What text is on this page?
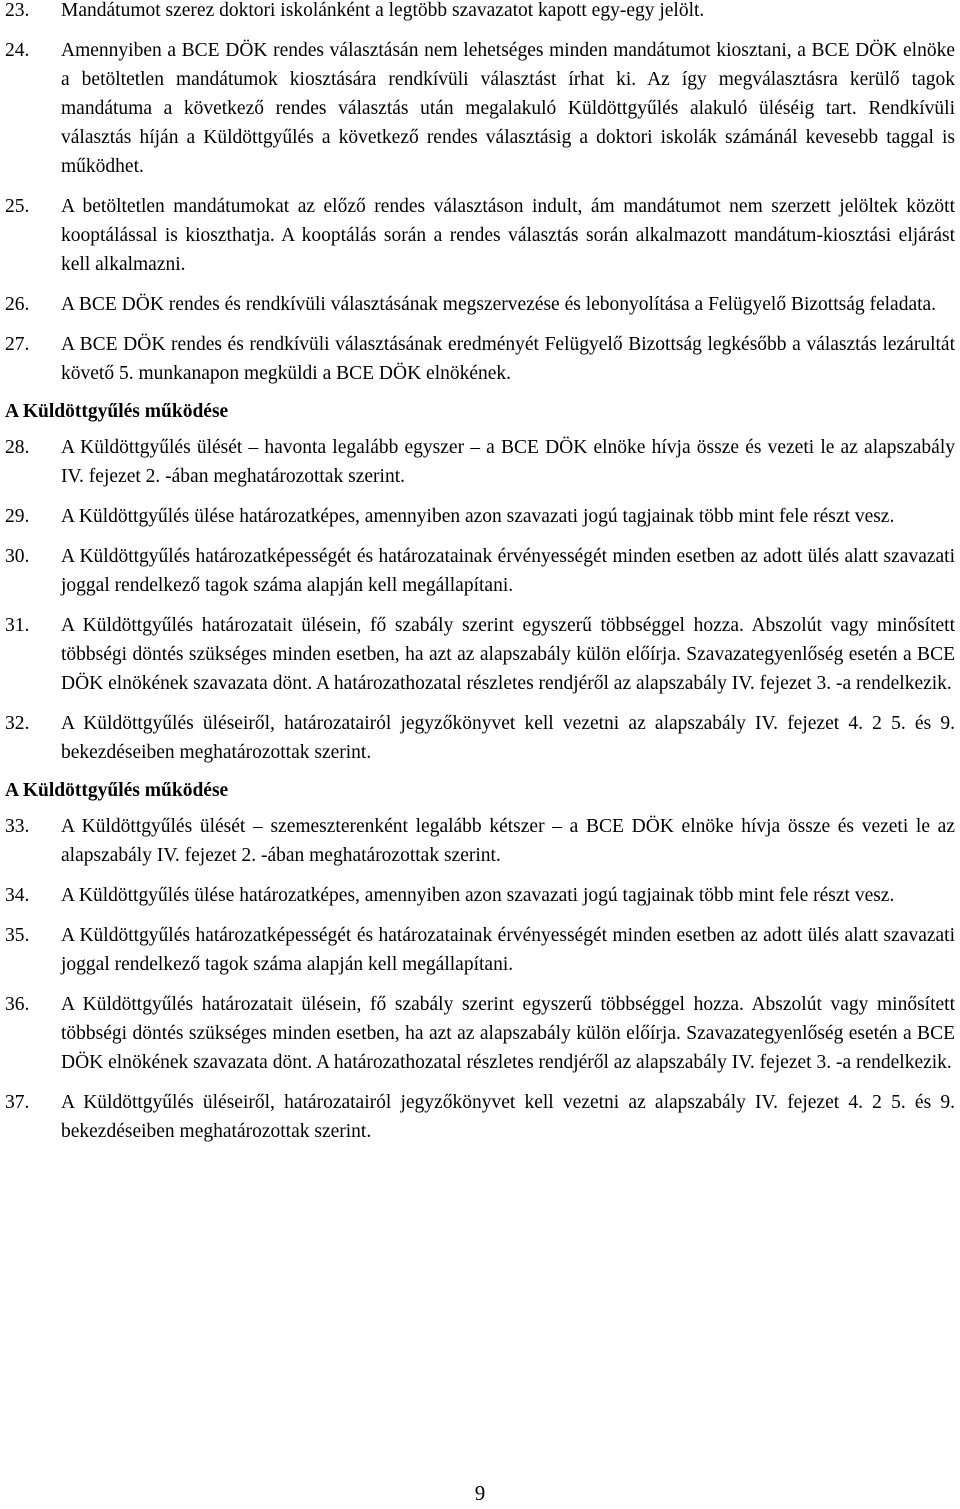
23.	Mandátumot szerez doktori iskolánként a legtöbb szavazatot kapott egy-egy jelölt.
24.	Amennyiben a BCE DÖK rendes választásán nem lehetséges minden mandátumot kiosztani, a BCE DÖK elnöke a betöltetlen mandátumok kiosztására rendkívüli választást írhat ki. Az így megválasztásra kerülő tagok mandátuma a következő rendes választás után megalakuló Küldöttgyűlés alakuló üléséig tart. Rendkívüli választás híján a Küldöttgyűlés a következő rendes választásig a doktori iskolák számánál kevesebb taggal is működhet.
25.	A betöltetlen mandátumokat az előző rendes választáson indult, ám mandátumot nem szerzett jelöltek között kooptálással is kioszthatja. A kooptálás során a rendes választás során alkalmazott mandátum-kiosztási eljárást kell alkalmazni.
26.	A BCE DÖK rendes és rendkívüli választásának megszervezése és lebonyolítása a Felügyelő Bizottság feladata.
27.	A BCE DÖK rendes és rendkívüli választásának eredményét Felügyelő Bizottság legkésőbb a választás lezárultát követő 5. munkanapon megküldi a BCE DÖK elnökének.
A Küldöttgyűlés működése
28.	A Küldöttgyűlés ülését – havonta legalább egyszer – a BCE DÖK elnöke hívja össze és vezeti le az alapszabály IV. fejezet 2. -ában meghatározottak szerint.
29.	A Küldöttgyűlés ülése határozatképes, amennyiben azon szavazati jogú tagjainak több mint fele részt vesz.
30.	A Küldöttgyűlés határozatképességét és határozatainak érvényességét minden esetben az adott ülés alatt szavazati joggal rendelkező tagok száma alapján kell megállapítani.
31.	A Küldöttgyűlés határozatait ülésein, fő szabály szerint egyszerű többséggel hozza. Abszolút vagy minősített többségi döntés szükséges minden esetben, ha azt az alapszabály külön előírja. Szavazategyenlőség esetén a BCE DÖK elnökének szavazata dönt. A határozathozatal részletes rendjéről az alapszabály IV. fejezet 3. -a rendelkezik.
32.	A Küldöttgyűlés üléseiről, határozatairól jegyzőkönyvet kell vezetni az alapszabály IV. fejezet 4. 2 5. és 9. bekezdéseiben meghatározottak szerint.
A Küldöttgyűlés működése
33.	A Küldöttgyűlés ülését – szemeszterenként legalább kétszer – a BCE DÖK elnöke hívja össze és vezeti le az alapszabály IV. fejezet 2. -ában meghatározottak szerint.
34.	A Küldöttgyűlés ülése határozatképes, amennyiben azon szavazati jogú tagjainak több mint fele részt vesz.
35.	A Küldöttgyűlés határozatképességét és határozatainak érvényességét minden esetben az adott ülés alatt szavazati joggal rendelkező tagok száma alapján kell megállapítani.
36.	A Küldöttgyűlés határozatait ülésein, fő szabály szerint egyszerű többséggel hozza. Abszolút vagy minősített többségi döntés szükséges minden esetben, ha azt az alapszabály külön előírja. Szavazategyenlőség esetén a BCE DÖK elnökének szavazata dönt. A határozathozatal részletes rendjéről az alapszabály IV. fejezet 3. -a rendelkezik.
37.	A Küldöttgyűlés üléseiről, határozatairól jegyzőkönyvet kell vezetni az alapszabály IV. fejezet 4. 2 5. és 9. bekezdéseiben meghatározottak szerint.
9
